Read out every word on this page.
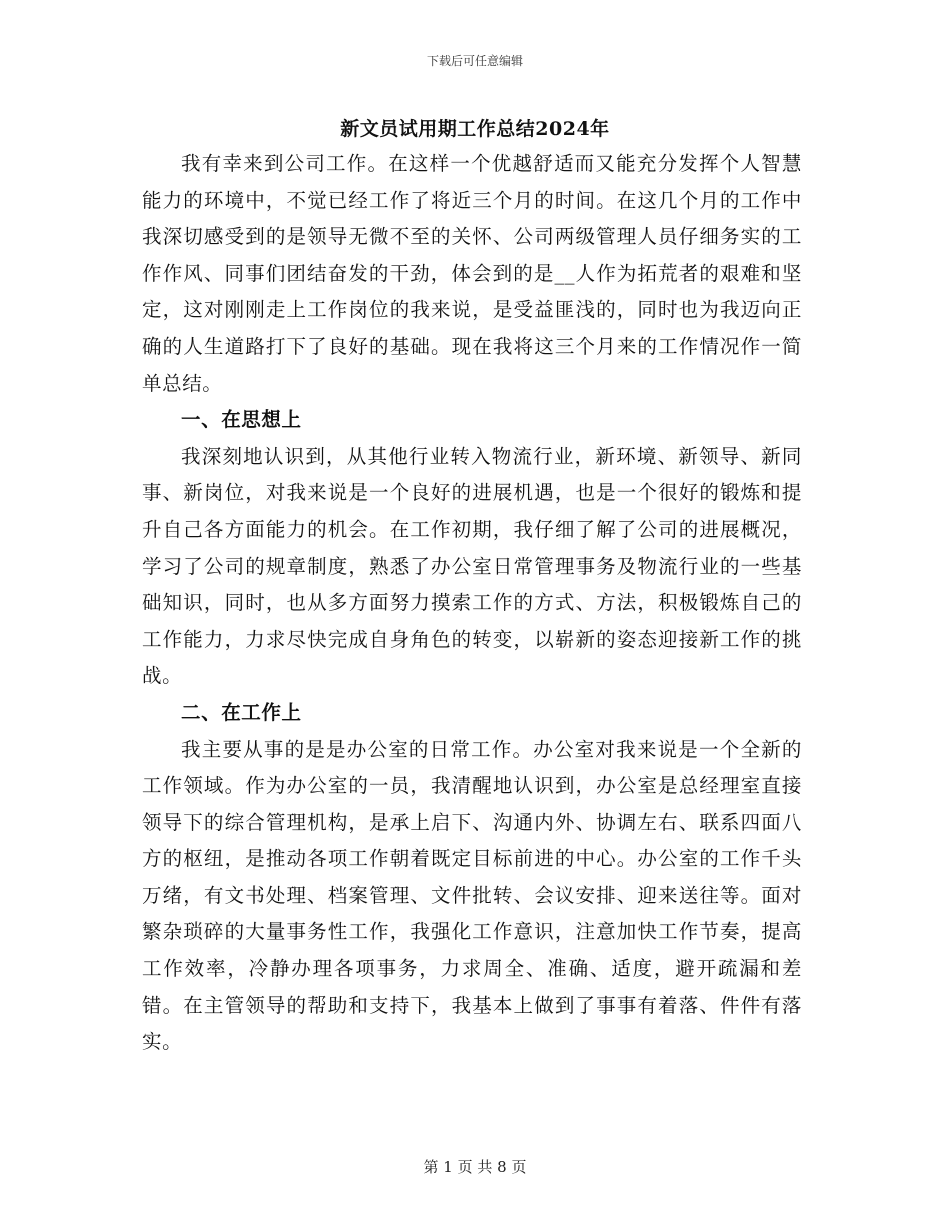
下载后可任意编辑
新文员试用期工作总结2024年

我有幸来到公司工作。在这样一个优越舒适而又能充分发挥个人智慧能力的环境中，不觉已经工作了将近三个月的时间。在这几个月的工作中我深切感受到的是领导无微不至的关怀、公司两级管理人员仔细务实的工作作风、同事们团结奋发的干劲，体会到的是__人作为拓荒者的艰难和坚定，这对刚刚走上工作岗位的我来说，是受益匪浅的，同时也为我迈向正确的人生道路打下了良好的基础。现在我将这三个月来的工作情况作一简单总结。

一、在思想上

我深刻地认识到，从其他行业转入物流行业，新环境、新领导、新同事、新岗位，对我来说是一个良好的进展机遇，也是一个很好的锻炼和提升自己各方面能力的机会。在工作初期，我仔细了解了公司的进展概况，学习了公司的规章制度，熟悉了办公室日常管理事务及物流行业的一些基础知识，同时，也从多方面努力摸索工作的方式、方法，积极锻炼自己的工作能力，力求尽快完成自身角色的转变，以崭新的姿态迎接新工作的挑战。

二、在工作上

我主要从事的是是办公室的日常工作。办公室对我来说是一个全新的工作领域。作为办公室的一员，我清醒地认识到，办公室是总经理室直接领导下的综合管理机构，是承上启下、沟通内外、协调左右、联系四面八方的枢纽，是推动各项工作朝着既定目标前进的中心。办公室的工作千头万绪，有文书处理、档案管理、文件批转、会议安排、迎来送往等。面对繁杂琐碎的大量事务性工作，我强化工作意识，注意加快工作节奏，提高工作效率，冷静办理各项事务，力求周全、准确、适度，避开疏漏和差错。在主管领导的帮助和支持下，我基本上做到了事事有着落、件件有落实。

第 1 页 共 8 页
